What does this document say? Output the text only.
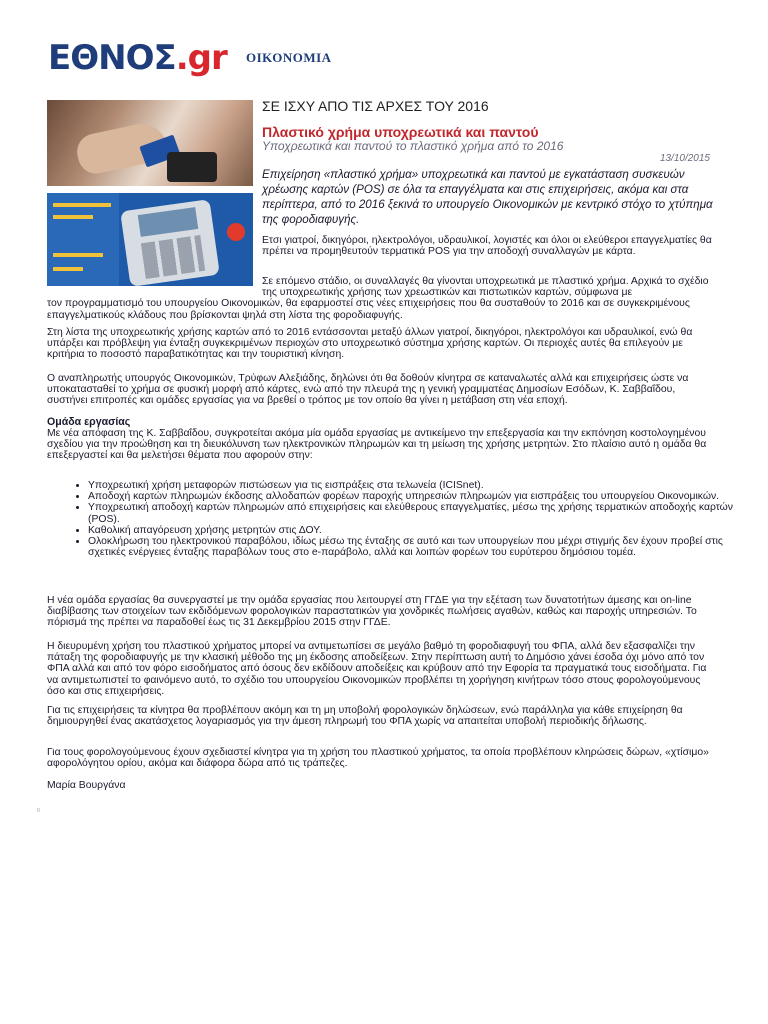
ΕΘΝΟΣ.gr ΟΙΚΟΝΟΜΙΑ
ΣΕ ΙΣΧΥ ΑΠΟ ΤΙΣ ΑΡΧΕΣ ΤΟΥ 2016
Πλαστικό χρήμα υποχρεωτικά και παντού
Υποχρεωτικά και παντού το πλαστικό χρήμα από το 2016
13/10/2015
Επιχείρηση «πλαστικό χρήμα» υποχρεωτικά και παντού με εγκατάσταση συσκευών χρέωσης καρτών (POS) σε όλα τα επαγγέλματα και στις επιχειρήσεις, ακόμα και στα περίπτερα, από το 2016 ξεκινά το υπουργείο Οικονομικών με κεντρικό στόχο το χτύπημα της φοροδιαφυγής.

Ετσι γιατροί, δικηγόροι, ηλεκτρολόγοι, υδραυλικοί, λογιστές και όλοι οι ελεύθεροι επαγγελματίες θα πρέπει να προμηθευτούν τερματικά POS για την αποδοχή συναλλαγών με κάρτα.

Σε επόμενο στάδιο, οι συναλλαγές θα γίνονται υποχρεωτικά με πλαστικό χρήμα. Αρχικά το σχέδιο της υποχρεωτικής χρήσης των χρεωστικών και πιστωτικών καρτών, σύμφωνα με
τον προγραμματισμό του υπουργείου Οικονομικών, θα εφαρμοστεί στις νέες επιχειρήσεις που θα συσταθούν το 2016 και σε συγκεκριμένους επαγγελματικούς κλάδους που βρίσκονται ψηλά στη λίστα της φοροδιαφυγής.

Στη λίστα της υποχρεωτικής χρήσης καρτών από το 2016 εντάσσονται μεταξύ άλλων γιατροί, δικηγόροι, ηλεκτρολόγοι και υδραυλικοί, ενώ θα υπάρξει και πρόβλεψη για ένταξη συγκεκριμένων περιοχών στο υποχρεωτικό σύστημα χρήσης καρτών. Οι περιοχές αυτές θα επιλεγούν με κριτήρια το ποσοστό παραβατικότητας και την τουριστική κίνηση.

Ο αναπληρωτής υπουργός Οικονομικών, Τρύφων Αλεξιάδης, δηλώνει ότι θα δοθούν κίνητρα σε καταναλωτές αλλά και επιχειρήσεις ώστε να υποκατασταθεί το χρήμα σε φυσική μορφή από κάρτες, ενώ από την πλευρά της η γενική γραμματέας Δημοσίων Εσόδων, Κ. Σαββαΐδου, συστήνει επιτροπές και ομάδες εργασίας για να βρεθεί ο τρόπος με τον οποίο θα γίνει η μετάβαση στη νέα εποχή.

Ομάδα εργασίας

Με νέα απόφαση της Κ. Σαββαΐδου, συγκροτείται ακόμα μία ομάδα εργασίας με αντικείμενο την επεξεργασία και την εκπόνηση κοστολογημένου σχεδίου για την προώθηση και τη διευκόλυνση των ηλεκτρονικών πληρωμών και τη μείωση της χρήσης μετρητών. Στο πλαίσιο αυτό η ομάδα θα επεξεργαστεί και θα μελετήσει θέματα που αφορούν στην:

• Υποχρεωτική χρήση μεταφορών πιστώσεων για τις εισπράξεις στα τελωνεία (ICISnet).
• Αποδοχή καρτών πληρωμών έκδοσης αλλοδαπών φορέων παροχής υπηρεσιών πληρωμών για εισπράξεις του υπουργείου Οικονομικών.
• Υποχρεωτική αποδοχή καρτών πληρωμών από επιχειρήσεις και ελεύθερους επαγγελματίες, μέσω της χρήσης τερματικών αποδοχής καρτών (POS).
• Καθολική απαγόρευση χρήσης μετρητών στις ΔΟΥ.
• Ολοκλήρωση του ηλεκτρονικού παραβόλου, ιδίως μέσω της ένταξης σε αυτό και των υπουργείων που μέχρι στιγμής δεν έχουν προβεί στις σχετικές ενέργειες ένταξης παραβόλων τους στο e-παράβολο, αλλά και λοιπών φορέων του ευρύτερου δημόσιου τομέα.

Η νέα ομάδα εργασίας θα συνεργαστεί με την ομάδα εργασίας που λειτουργεί στη ΓΓΔΕ για την εξέταση των δυνατοτήτων άμεσης και on-line διαβίβασης των στοιχείων των εκδιδόμενων φορολογικών παραστατικών για χονδρικές πωλήσεις αγαθών, καθώς και παροχής υπηρεσιών. Το πόρισμά της πρέπει να παραδοθεί έως τις 31 Δεκεμβρίου 2015 στην ΓΓΔΕ.

Η διευρυμένη χρήση του πλαστικού χρήματος μπορεί να αντιμετωπίσει σε μεγάλο βαθμό τη φοροδιαφυγή του ΦΠΑ, αλλά δεν εξασφαλίζει την πάταξη της φοροδιαφυγής με την κλασική μέθοδο της μη έκδοσης αποδείξεων. Στην περίπτωση αυτή το Δημόσιο χάνει έσοδα όχι μόνο από τον ΦΠΑ αλλά και από τον φόρο εισοδήματος από όσους δεν εκδίδουν αποδείξεις και κρύβουν από την Εφορία τα πραγματικά τους εισοδήματα. Για να αντιμετωπιστεί το φαινόμενο αυτό, το σχέδιο του υπουργείου Οικονομικών προβλέπει τη χορήγηση κινήτρων τόσο στους φορολογούμενους όσο και στις επιχειρήσεις.

Για τις επιχειρήσεις τα κίνητρα θα προβλέπουν ακόμη και τη μη υποβολή φορολογικών δηλώσεων, ενώ παράλληλα για κάθε επιχείρηση θα δημιουργηθεί ένας ακατάσχετος λογαριασμός για την άμεση πληρωμή του ΦΠΑ χωρίς να απαιτείται υποβολή περιοδικής δήλωσης.

Για τους φορολογούμενους έχουν σχεδιαστεί κίνητρα για τη χρήση του πλαστικού χρήματος, τα οποία προβλέπουν κληρώσεις δώρων, «χτίσιμο» αφορολόγητου ορίου, ακόμα και διάφορα δώρα από τις τράπεζες.

Μαρία Βουργάνα
0
